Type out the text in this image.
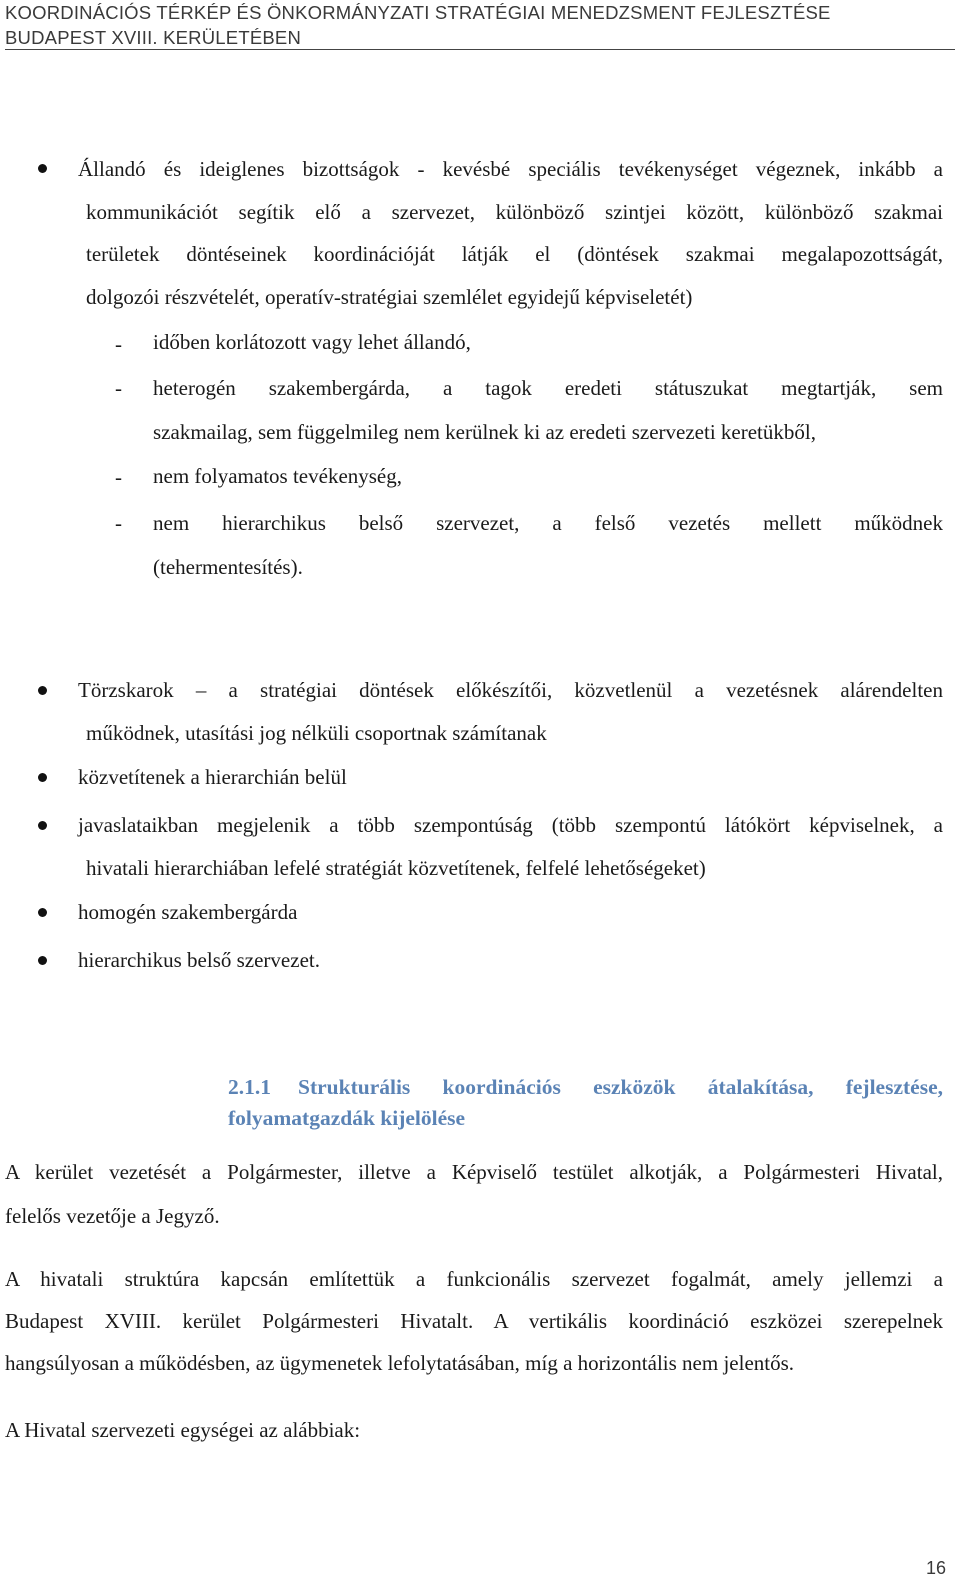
KOORDINÁCIÓS TÉRKÉP ÉS ÖNKORMÁNYZATI STRATÉGIAI MENEDZSMENT FEJLESZTÉSE
BUDAPEST XVIII. KERÜLETÉBEN
Állandó és ideiglenes bizottságok - kevésbé speciális tevékenységet végeznek, inkább a
kommunikációt segítik elő a szervezet, különböző szintjei között, különböző szakmai
területek döntéseinek koordinációját látják el (döntések szakmai megalapozottságát,
dolgozói részvételét, operatív-stratégiai szemlélet egyidejű képviseletét)
- időben korlátozott vagy lehet állandó,
- heterogén szakembergárda, a tagok eredeti státuszukat megtartják, sem
szakmailag, sem függelmileg nem kerülnek ki az eredeti szervezeti keretükből,
- nem folyamatos tevékenység,
- nem hierarchikus belső szervezet, a felső vezetés mellett működnek
(tehermentesítés).
Törzskarok – a stratégiai döntések előkészítői, közvetlenül a vezetésnek alárendelten
működnek, utasítási jog nélküli csoportnak számítanak
közvetítenek a hierarchián belül
javaslataikban megjelenik a több szempontúság (több szempontú látókört képviselnek, a
hivatali hierarchiában lefelé stratégiát közvetítenek, felfelé lehetőségeket)
homogén szakembergárda
hierarchikus belső szervezet.
2.1.1 Strukturális koordinációs eszközök átalakítása, fejlesztése,
folyamatgazdák kijelölése
A kerület vezetését a Polgármester, illetve a Képviselő testület alkotják, a Polgármesteri Hivatal,
felelős vezetője a Jegyző.
A hivatali struktúra kapcsán említettük a funkcionális szervezet fogalmát, amely jellemzi a
Budapest XVIII. kerület Polgármesteri Hivatalt. A vertikális koordináció eszközei szerepelnek
hangsúlyosan a működésben, az ügymenetek lefolytatásában, míg a horizontális nem jelentős.
A Hivatal szervezeti egységei az alábbiak:
16
